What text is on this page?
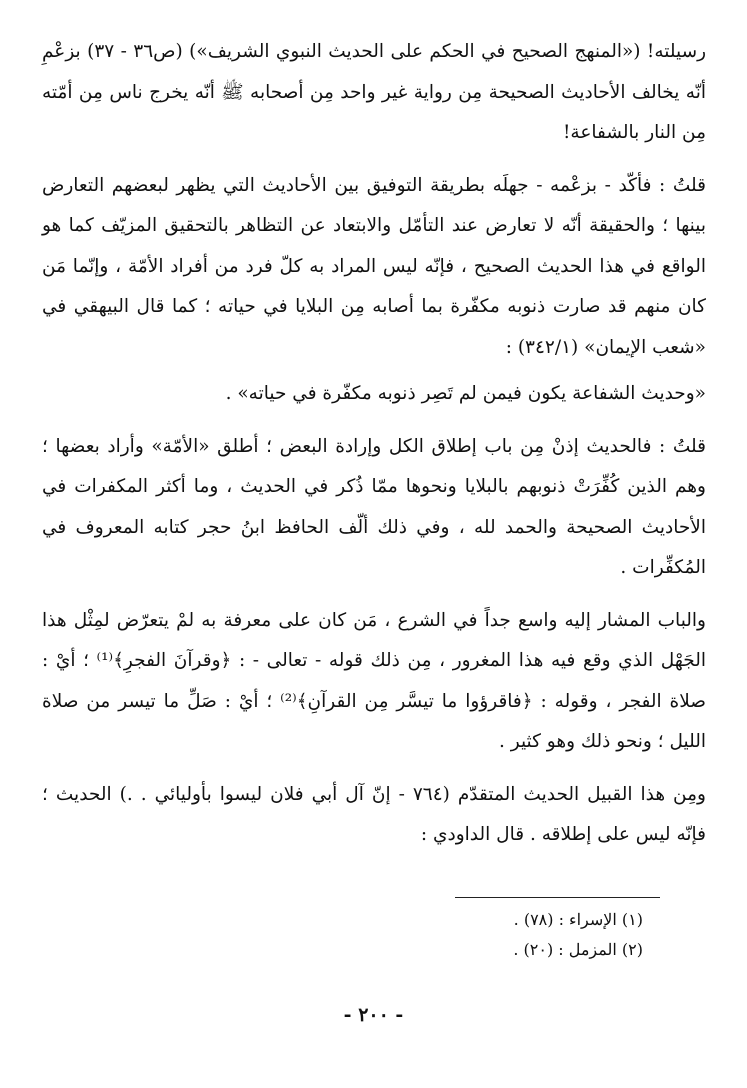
رسيلته! («المنهج الصحيح في الحكم على الحديث النبوي الشريف») (ص٣٦ - ٣٧) بزعْمِ أنّه يخالف الأحاديث الصحيحة مِن رواية غير واحد مِن أصحابه ﷺ أنّه يخرج ناس مِن أمّته مِن النار بالشفاعة!

قلتُ : فأكّد - بزعْمه - جهلَه بطريقة التوفيق بين الأحاديث التي يظهر لبعضهم التعارض بينها ؛ والحقيقة أنّه لا تعارض عند التأمّل والابتعاد عن التظاهر بالتحقيق المزيّف كما هو الواقع في هذا الحديث الصحيح ، فإنّه ليس المراد به كلّ فرد من أفراد الأمّة ، وإنّما مَن كان منهم قد صارت ذنوبه مكفّرة بما أصابه مِن البلايا في حياته ؛ كما قال البيهقي في «شعب الإيمان» (٣٤٢/١) :

«وحديث الشفاعة يكون فيمن لم تَصِر ذنوبه مكفّرة في حياته» .

قلتُ : فالحديث إذنْ مِن باب إطلاق الكل وإرادة البعض ؛ أطلق «الأمّة» وأراد بعضها ؛ وهم الذين كُفِّرَتْ ذنوبهم بالبلايا ونحوها ممّا ذُكر في الحديث ، وما أكثر المكفرات في الأحاديث الصحيحة والحمد لله ، وفي ذلك ألّف الحافظ ابنُ حجر كتابه المعروف في المُكفِّرات .

والباب المشار إليه واسع جداً في الشرع ، مَن كان على معرفة به لمْ يتعرّض لمِثْل هذا الجَهْل الذي وقع فيه هذا المغرور ، مِن ذلك قوله - تعالى - : ﴿وقرآنَ الفجرِ﴾⁽¹⁾ ؛ أيْ : صلاة الفجر ، وقوله : ﴿فاقرؤوا ما تيسَّر مِن القرآنِ﴾⁽²⁾ ؛ أيْ : صَلِّ ما تيسر من صلاة الليل ؛ ونحو ذلك وهو كثير .

ومِن هذا القبيل الحديث المتقدّم (٧٦٤ - إنّ آل أبي فلان ليسوا بأوليائي . .) الحديث ؛ فإنّه ليس على إطلاقه . قال الداودي :

(١) الإسراء : (٧٨) .
(٢) المزمل : (٢٠) .
- ٢٠٠ -
